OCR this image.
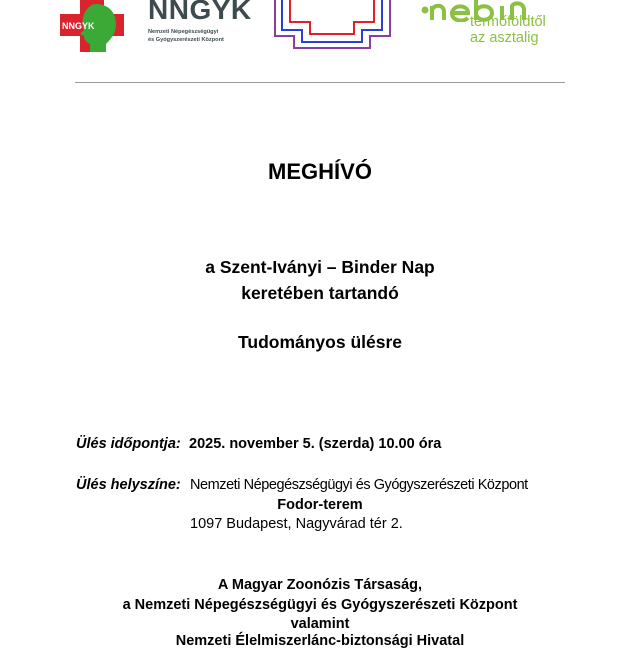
NNGYK
NNGYK
Nemzeti Népegészségügyi
és Gyógyszerészeti Központ
termőföldtől
az asztalig
MEGHÍVÓ
a Szent-Iványi – Binder Nap
keretében tartandó
Tudományos ülésre
Ülés időpontja: 2025. november 5. (szerda) 10.00 óra
Ülés helyszíne: Nemzeti Népegészségügyi és Gyógyszerészeti Központ
Fodor-terem
1097 Budapest, Nagyvárad tér 2.
A Magyar Zoonózis Társaság,
a Nemzeti Népegészségügyi és Gyógyszerészeti Központ
valamint
Nemzeti Élelmiszerlánc-biztonsági Hivatal
